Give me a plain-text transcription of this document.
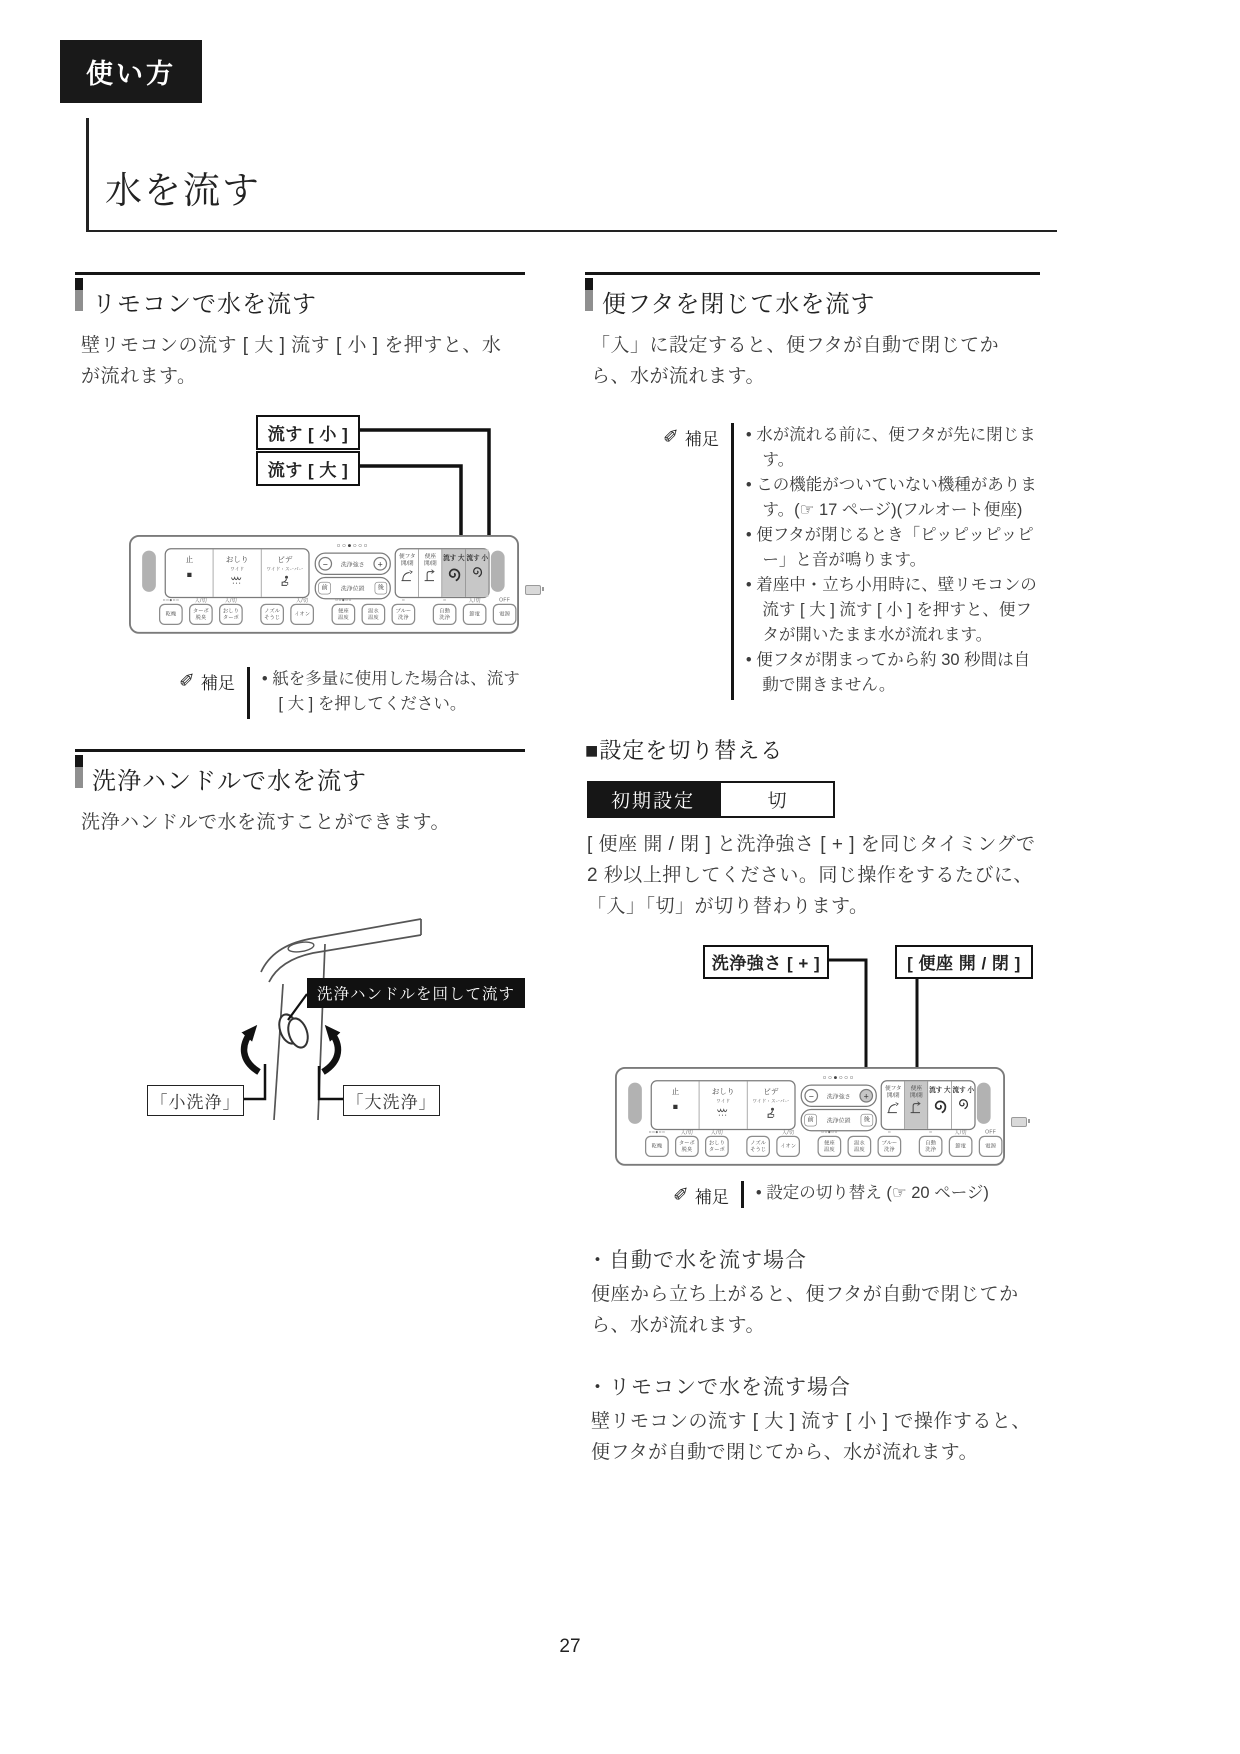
使い方
水を流す
リモコンで水を流す

壁リモコンの流す [ 大 ] 流す [ 小 ] を押すと、水が流れます。

流す [ 小 ]
流す [ 大 ]
止
■
おしり
ワイド
ビデ
ワイド・スーパー
○○●○○○
−	洗浄強さ +
前	洗浄位置	後
便フタ
開/閉
便座
開/閉
流す 大 流す 小
○○●○○
乾燥
入/切
ターボ
脱臭
入/切
おしり
ターボ
ノズル
そうじ
入/切
イオン
○○●○○
便座
温度
温水
温度
○
ブルー
洗浄
○
自動
洗浄
入/切
節電
OFF
電源
✐ 補足	• 紙を多量に使用した場合は、流す [ 大 ] を押してください。
洗浄ハンドルで水を流す

洗浄ハンドルで水を流すことができます。

洗浄ハンドルを回して流す
「小洗浄」	「大洗浄」
便フタを閉じて水を流す

「入」に設定すると、便フタが自動で閉じてから、水が流れます。

✐ 補足	• 水が流れる前に、便フタが先に閉じます。
• この機能がついていない機種があります。(☞ 17 ページ)(フルオート便座)
• 便フタが閉じるとき「ピッピッピッピー」と音が鳴ります。
• 着座中・立ち小用時に、壁リモコンの流す [ 大 ] 流す [ 小 ] を押すと、便フタが開いたまま水が流れます。
• 便フタが閉まってから約 30 秒間は自動で開きません。
■設定を切り替える
初期設定	切

[ 便座 開 / 閉 ] と洗浄強さ [ + ] を同じタイミングで 2 秒以上押してください。同じ操作をするたびに、「入」「切」が切り替わります。

洗浄強さ [ + ]	[ 便座 開 / 閉 ]
止
■
おしり
ワイド
ビデ
ワイド・スーパー
○○●○○○
−	洗浄強さ +
前	洗浄位置	後
便フタ
開/閉
便座
開/閉
流す 大 流す 小
○○●○○
乾燥
入/切
ターボ
脱臭
入/切
おしり
ターボ
ノズル
そうじ
入/切
イオン
○○●○○
便座
温度
温水
温度
○
ブルー
洗浄
○
自動
洗浄
入/切
節電
OFF
電源
✐ 補足	• 設定の切り替え (☞ 20 ページ)
・自動で水を流す場合

便座から立ち上がると、便フタが自動で閉じてから、水が流れます。

・リモコンで水を流す場合

壁リモコンの流す [ 大 ] 流す [ 小 ] で操作すると、便フタが自動で閉じてから、水が流れます。

27
